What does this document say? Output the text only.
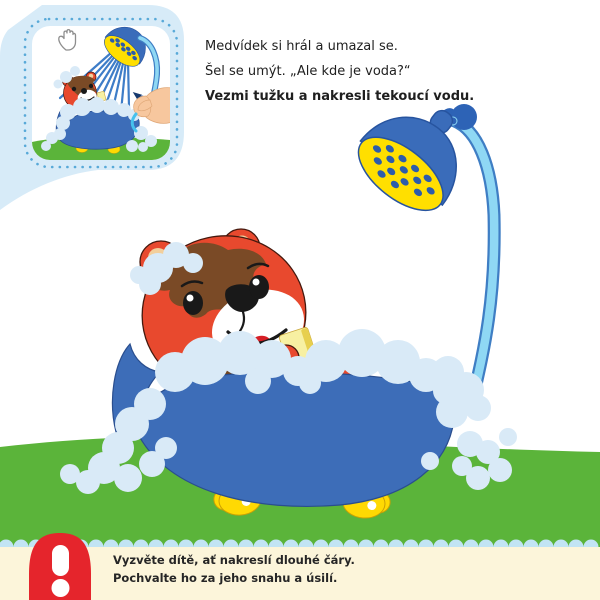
Medvídek si hrál a umazal se.
Šel se umýt. „Ale kde je voda?“
Vezmi tužku a nakresli tekoucí vodu.
Vyzvěte dítě, ať nakreslí dlouhé čáry.
Pochvalte ho za jeho snahu a úsilí.
